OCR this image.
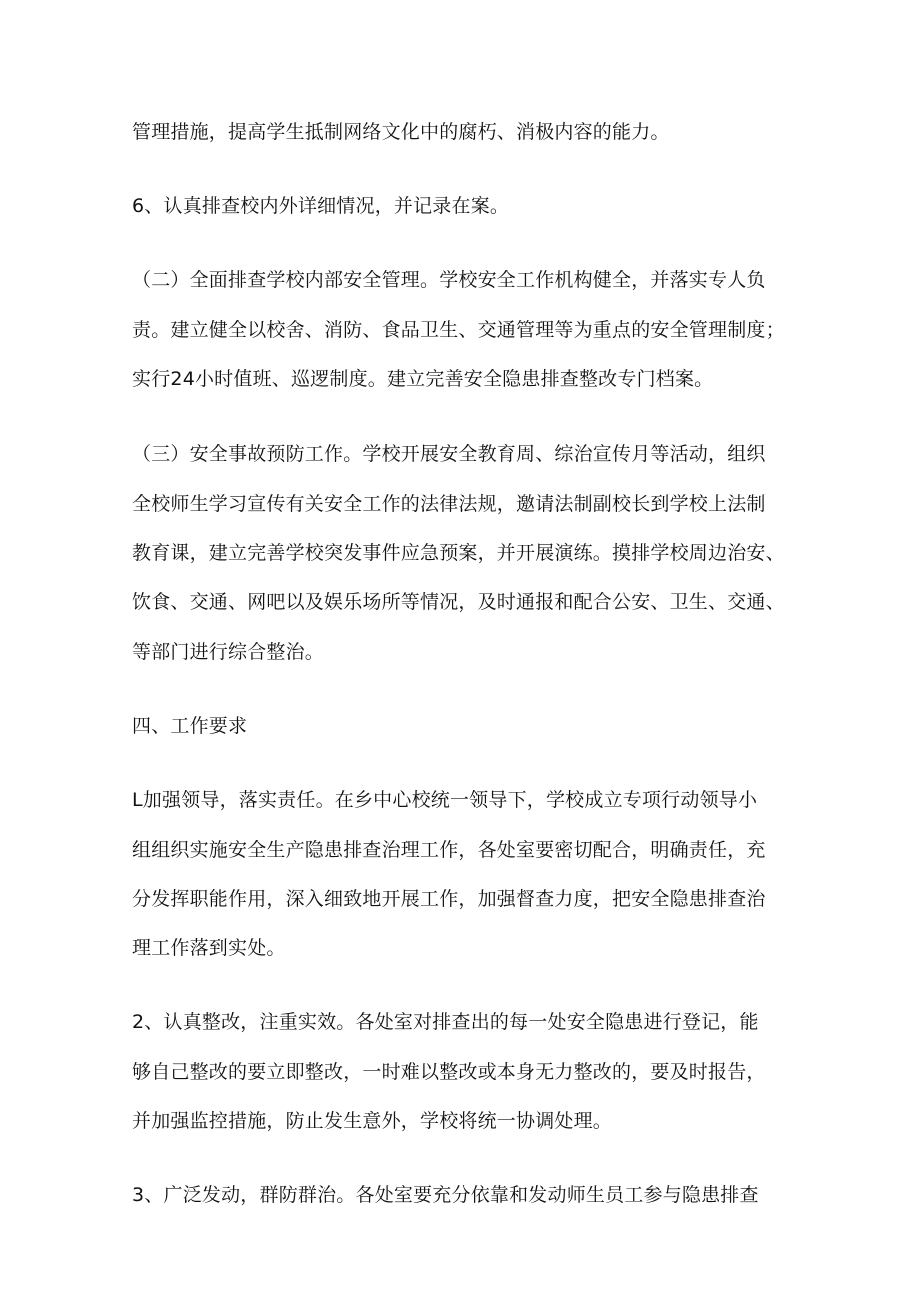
管理措施，提高学生抵制网络文化中的腐朽、消极内容的能力。
6、认真排查校内外详细情况，并记录在案。
（二）全面排查学校内部安全管理。学校安全工作机构健全，并落实专人负
责。建立健全以校舍、消防、食品卫生、交通管理等为重点的安全管理制度；
实行24小时值班、巡逻制度。建立完善安全隐患排查整改专门档案。
（三）安全事故预防工作。学校开展安全教育周、综治宣传月等活动，组织
全校师生学习宣传有关安全工作的法律法规，邀请法制副校长到学校上法制
教育课，建立完善学校突发事件应急预案，并开展演练。摸排学校周边治安、
饮食、交通、网吧以及娱乐场所等情况，及时通报和配合公安、卫生、交通、
等部门进行综合整治。
四、工作要求
L加强领导，落实责任。在乡中心校统一领导下，学校成立专项行动领导小
组组织实施安全生产隐患排查治理工作，各处室要密切配合，明确责任，充
分发挥职能作用，深入细致地开展工作，加强督查力度，把安全隐患排查治
理工作落到实处。
2、认真整改，注重实效。各处室对排查出的每一处安全隐患进行登记，能
够自己整改的要立即整改，一时难以整改或本身无力整改的，要及时报告，
并加强监控措施，防止发生意外，学校将统一协调处理。
3、广泛发动，群防群治。各处室要充分依靠和发动师生员工参与隐患排查
